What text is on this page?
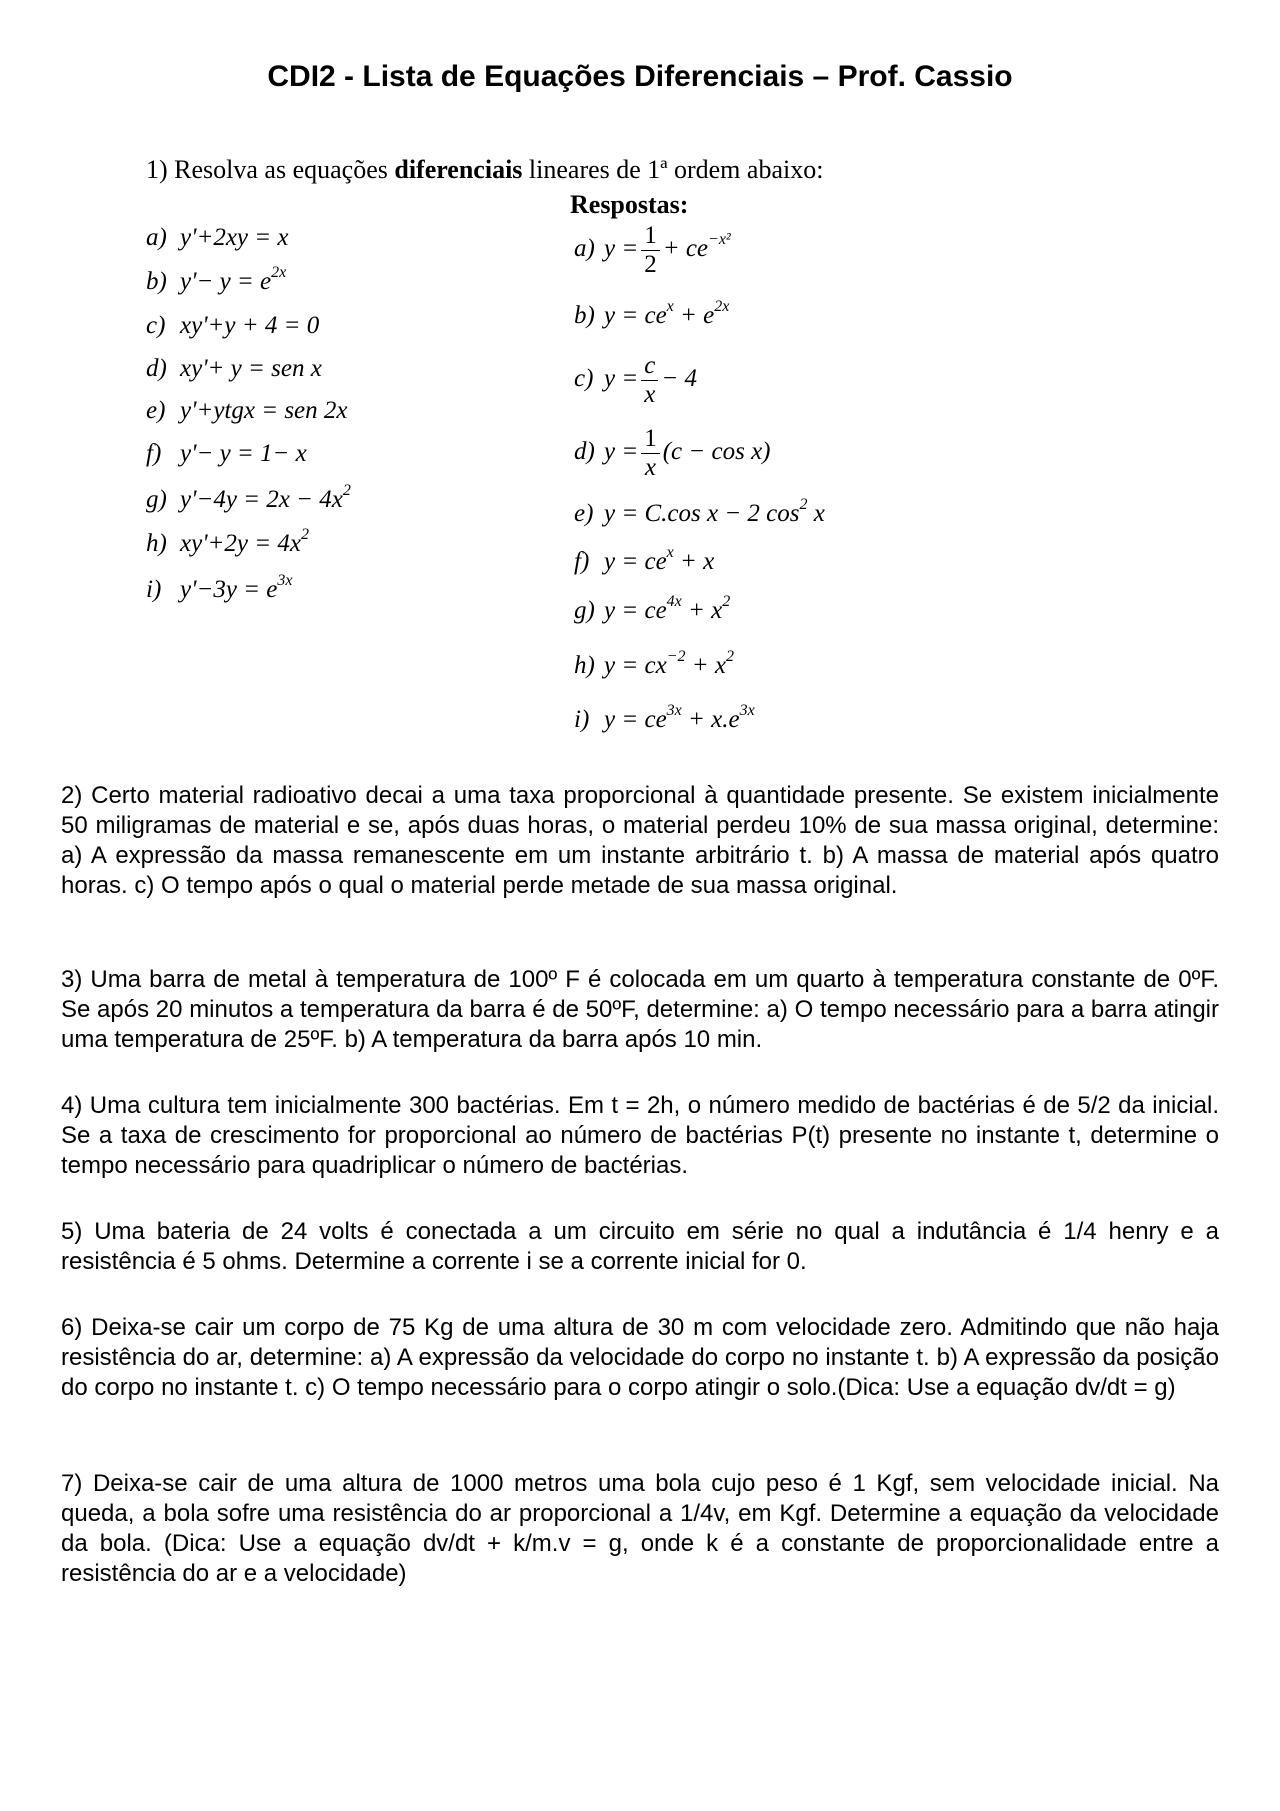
CDI2 - Lista de Equações Diferenciais – Prof. Cassio
1) Resolva as equações diferenciais lineares de 1ª ordem abaixo:
Respostas:
a) y'+2xy = x
b) $y'- y = e^{2x}$
c) xy'+y + 4 = 0
d) xy'+ y = sen x
e) y'+ytgx = sen 2x
f) y'− y = 1− x
g) $y'-4y = 2x - 4x^2$
h) $xy'+2y = 4x^2$
i) $y'-3y = e^{3x}$
a) $y = \frac{1}{2} + ce^{-x^2}$
b) $y = ce^x + e^{2x}$
c) $y = \frac{c}{x} - 4$
d) $y = \frac{1}{x} (c - \cos x)$
e) y = C.cos x − 2 $\cos^2 x$
f) $y = ce^x + x$
g) $y = ce^{4x} + x^2$
h) $y = cx^{-2} + x^2$
i) $y = ce^{3x} + x.e^{3x}$

2) Certo material radioativo decai a uma taxa proporcional à quantidade presente. Se existem inicialmente 50 miligramas de material e se, após duas horas, o material perdeu 10% de sua massa original, determine: a) A expressão da massa remanescente em um instante arbitrário t. b) A massa de material após quatro horas. c) O tempo após o qual o material perde metade de sua massa original.

3) Uma barra de metal à temperatura de 100º F é colocada em um quarto à temperatura constante de 0ºF. Se após 20 minutos a temperatura da barra é de 50ºF, determine: a) O tempo necessário para a barra atingir uma temperatura de 25ºF. b) A temperatura da barra após 10 min.

4) Uma cultura tem inicialmente 300 bactérias. Em t = 2h, o número medido de bactérias é de 5/2 da inicial. Se a taxa de crescimento for proporcional ao número de bactérias P(t) presente no instante t, determine o tempo necessário para quadriplicar o número de bactérias.

5) Uma bateria de 24 volts é conectada a um circuito em série no qual a indutância é 1/4 henry e a resistência é 5 ohms. Determine a corrente i se a corrente inicial for 0.

6) Deixa-se cair um corpo de 75 Kg de uma altura de 30 m com velocidade zero. Admitindo que não haja resistência do ar, determine: a) A expressão da velocidade do corpo no instante t. b) A expressão da posição do corpo no instante t. c) O tempo necessário para o corpo atingir o solo.(Dica: Use a equação dv/dt = g)

7) Deixa-se cair de uma altura de 1000 metros uma bola cujo peso é 1 Kgf, sem velocidade inicial. Na queda, a bola sofre uma resistência do ar proporcional a 1/4v, em Kgf. Determine a equação da velocidade da bola. (Dica: Use a equação dv/dt + k/m.v = g, onde k é a constante de proporcionalidade entre a resistência do ar e a velocidade)
